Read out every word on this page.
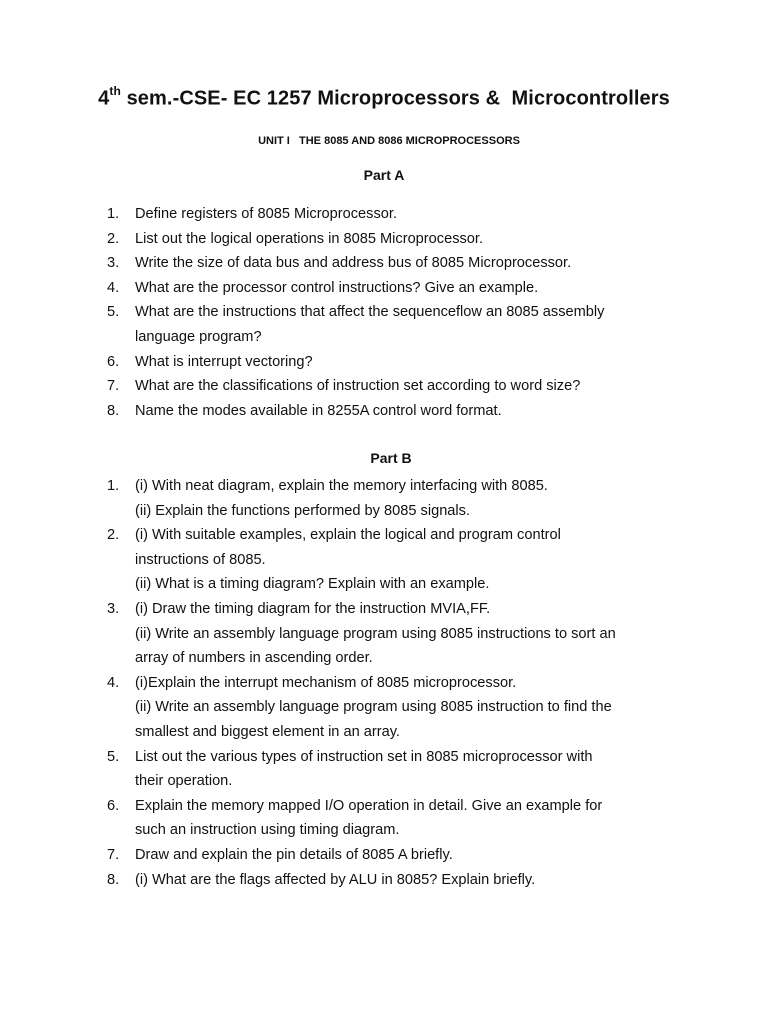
4th sem.-CSE- EC 1257 Microprocessors &  Microcontrollers
UNIT I   THE 8085 AND 8086 MICROPROCESSORS
Part A
1.	Define registers of 8085 Microprocessor.
2.	List out the logical operations in 8085 Microprocessor.
3.	Write the size of data bus and address bus of 8085 Microprocessor.
4.	What are the processor control instructions? Give an example.
5.	What are the instructions that affect the sequenceflow an 8085 assembly
language program?
6.	What is interrupt vectoring?
7.	What are the classifications of instruction set according to word size?
8.	Name the modes available in 8255A control word format.
Part B
1.	(i) With neat diagram, explain the memory interfacing with 8085.
(ii) Explain the functions performed by 8085 signals.
2.	(i) With suitable examples, explain the logical and program control
instructions of 8085.
(ii) What is a timing diagram? Explain with an example.
3.	(i) Draw the timing diagram for the instruction MVIA,FF.
(ii) Write an assembly language program using 8085 instructions to sort an
array of numbers in ascending order.
4.	(i)Explain the interrupt mechanism of 8085 microprocessor.
(ii) Write an assembly language program using 8085 instruction to find the
smallest and biggest element in an array.
5.	List out the various types of instruction set in 8085 microprocessor with
their operation.
6.	Explain the memory mapped I/O operation in detail. Give an example for
such an instruction using timing diagram.
7.	Draw and explain the pin details of 8085 A briefly.
8.	(i) What are the flags affected by ALU in 8085? Explain briefly.
